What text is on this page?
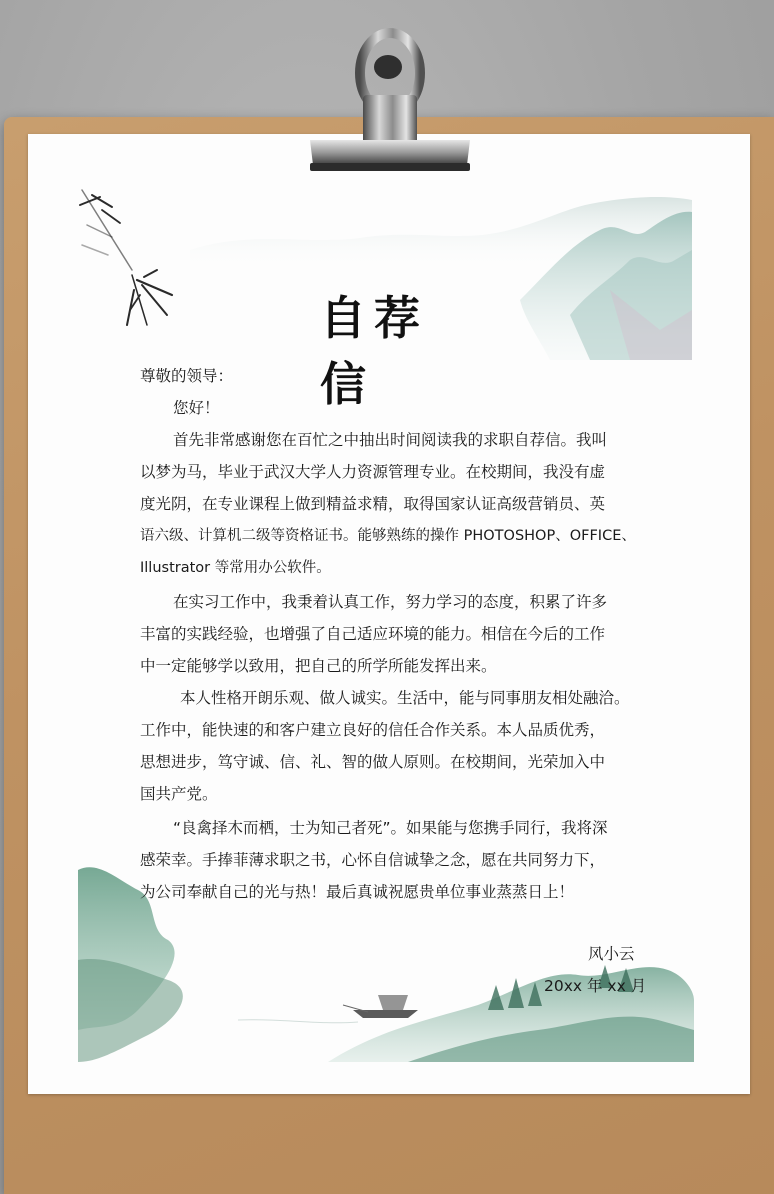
自荐信
尊敬的领导：
您好！
首先非常感谢您在百忙之中抽出时间阅读我的求职自荐信。我叫
以梦为马，毕业于武汉大学人力资源管理专业。在校期间，我没有虚
度光阴，在专业课程上做到精益求精，取得国家认证高级营销员、英
语六级、计算机二级等资格证书。能够熟练的操作 PHOTOSHOP、OFFICE、
Illustrator 等常用办公软件。
在实习工作中，我秉着认真工作，努力学习的态度，积累了许多
丰富的实践经验，也增强了自己适应环境的能力。相信在今后的工作
中一定能够学以致用，把自己的所学所能发挥出来。
本人性格开朗乐观、做人诚实。生活中，能与同事朋友相处融洽。
工作中，能快速的和客户建立良好的信任合作关系。本人品质优秀，
思想进步，笃守诚、信、礼、智的做人原则。在校期间，光荣加入中
国共产党。
“良禽择木而栖，士为知己者死”。如果能与您携手同行，我将深
感荣幸。手捧菲薄求职之书，心怀自信诚挚之念，愿在共同努力下，
为公司奉献自己的光与热！最后真诚祝愿贵单位事业蒸蒸日上！
风小云
20xx 年 xx 月
